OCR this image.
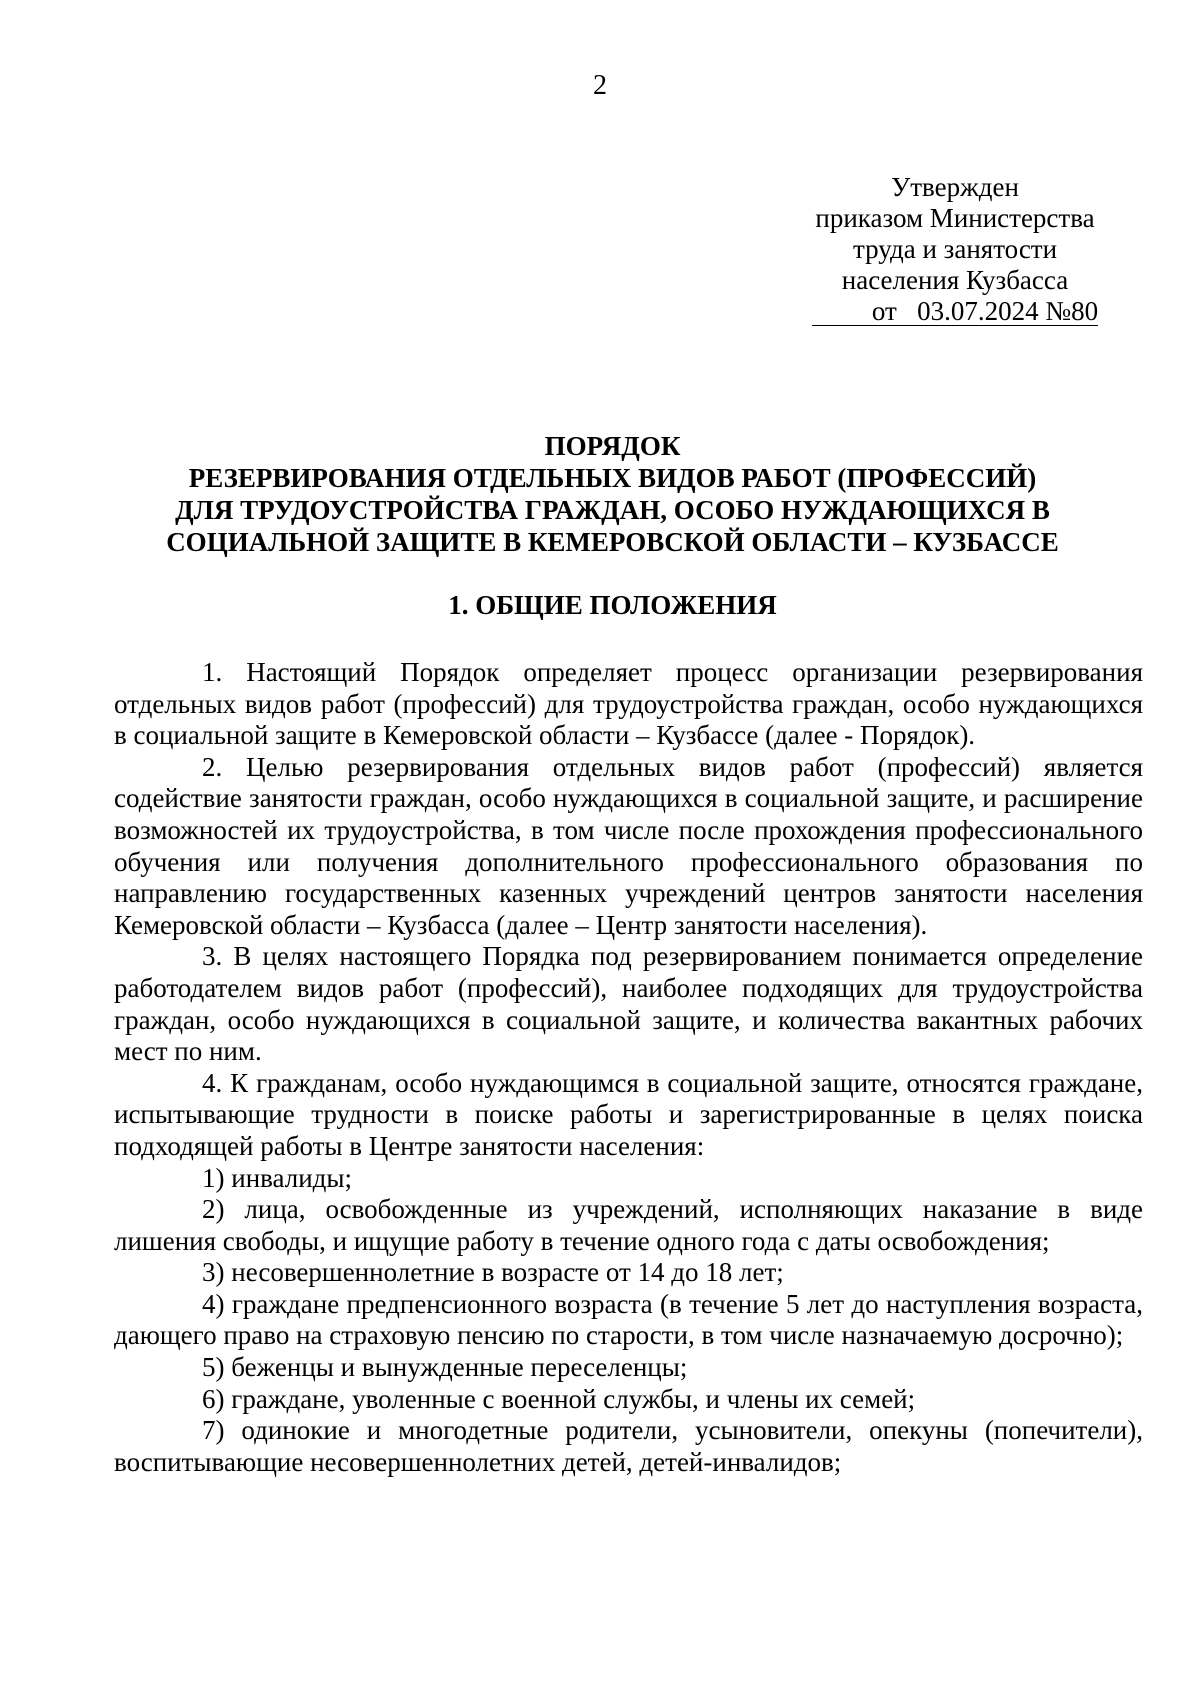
2
Утвержден
приказом Министерства
труда и занятости
населения Кузбасса
от   03.07.2024 №80
ПОРЯДОК
РЕЗЕРВИРОВАНИЯ ОТДЕЛЬНЫХ ВИДОВ РАБОТ (ПРОФЕССИЙ)
ДЛЯ ТРУДОУСТРОЙСТВА ГРАЖДАН, ОСОБО НУЖДАЮЩИХСЯ В
СОЦИАЛЬНОЙ ЗАЩИТЕ В КЕМЕРОВСКОЙ ОБЛАСТИ – КУЗБАССЕ
1. ОБЩИЕ ПОЛОЖЕНИЯ

1. Настоящий Порядок определяет процесс организации резервирования отдельных видов работ (профессий) для трудоустройства граждан, особо нуждающихся в социальной защите в Кемеровской области – Кузбассе (далее - Порядок).

2. Целью резервирования отдельных видов работ (профессий) является содействие занятости граждан, особо нуждающихся в социальной защите, и расширение возможностей их трудоустройства, в том числе после прохождения профессионального обучения или получения дополнительного профессионального образования по направлению государственных казенных учреждений центров занятости населения Кемеровской области – Кузбасса (далее – Центр занятости населения).

3. В целях настоящего Порядка под резервированием понимается определение работодателем видов работ (профессий), наиболее подходящих для трудоустройства граждан, особо нуждающихся в социальной защите, и количества вакантных рабочих мест по ним.

4. К гражданам, особо нуждающимся в социальной защите, относятся граждане, испытывающие трудности в поиске работы и зарегистрированные в целях поиска подходящей работы в Центре занятости населения:

1) инвалиды;

2) лица, освобожденные из учреждений, исполняющих наказание в виде лишения свободы, и ищущие работу в течение одного года с даты освобождения;

3) несовершеннолетние в возрасте от 14 до 18 лет;

4) граждане предпенсионного возраста (в течение 5 лет до наступления возраста, дающего право на страховую пенсию по старости, в том числе назначаемую досрочно);

5) беженцы и вынужденные переселенцы;

6) граждане, уволенные с военной службы, и члены их семей;

7) одинокие и многодетные родители, усыновители, опекуны (попечители), воспитывающие несовершеннолетних детей, детей-инвалидов;
